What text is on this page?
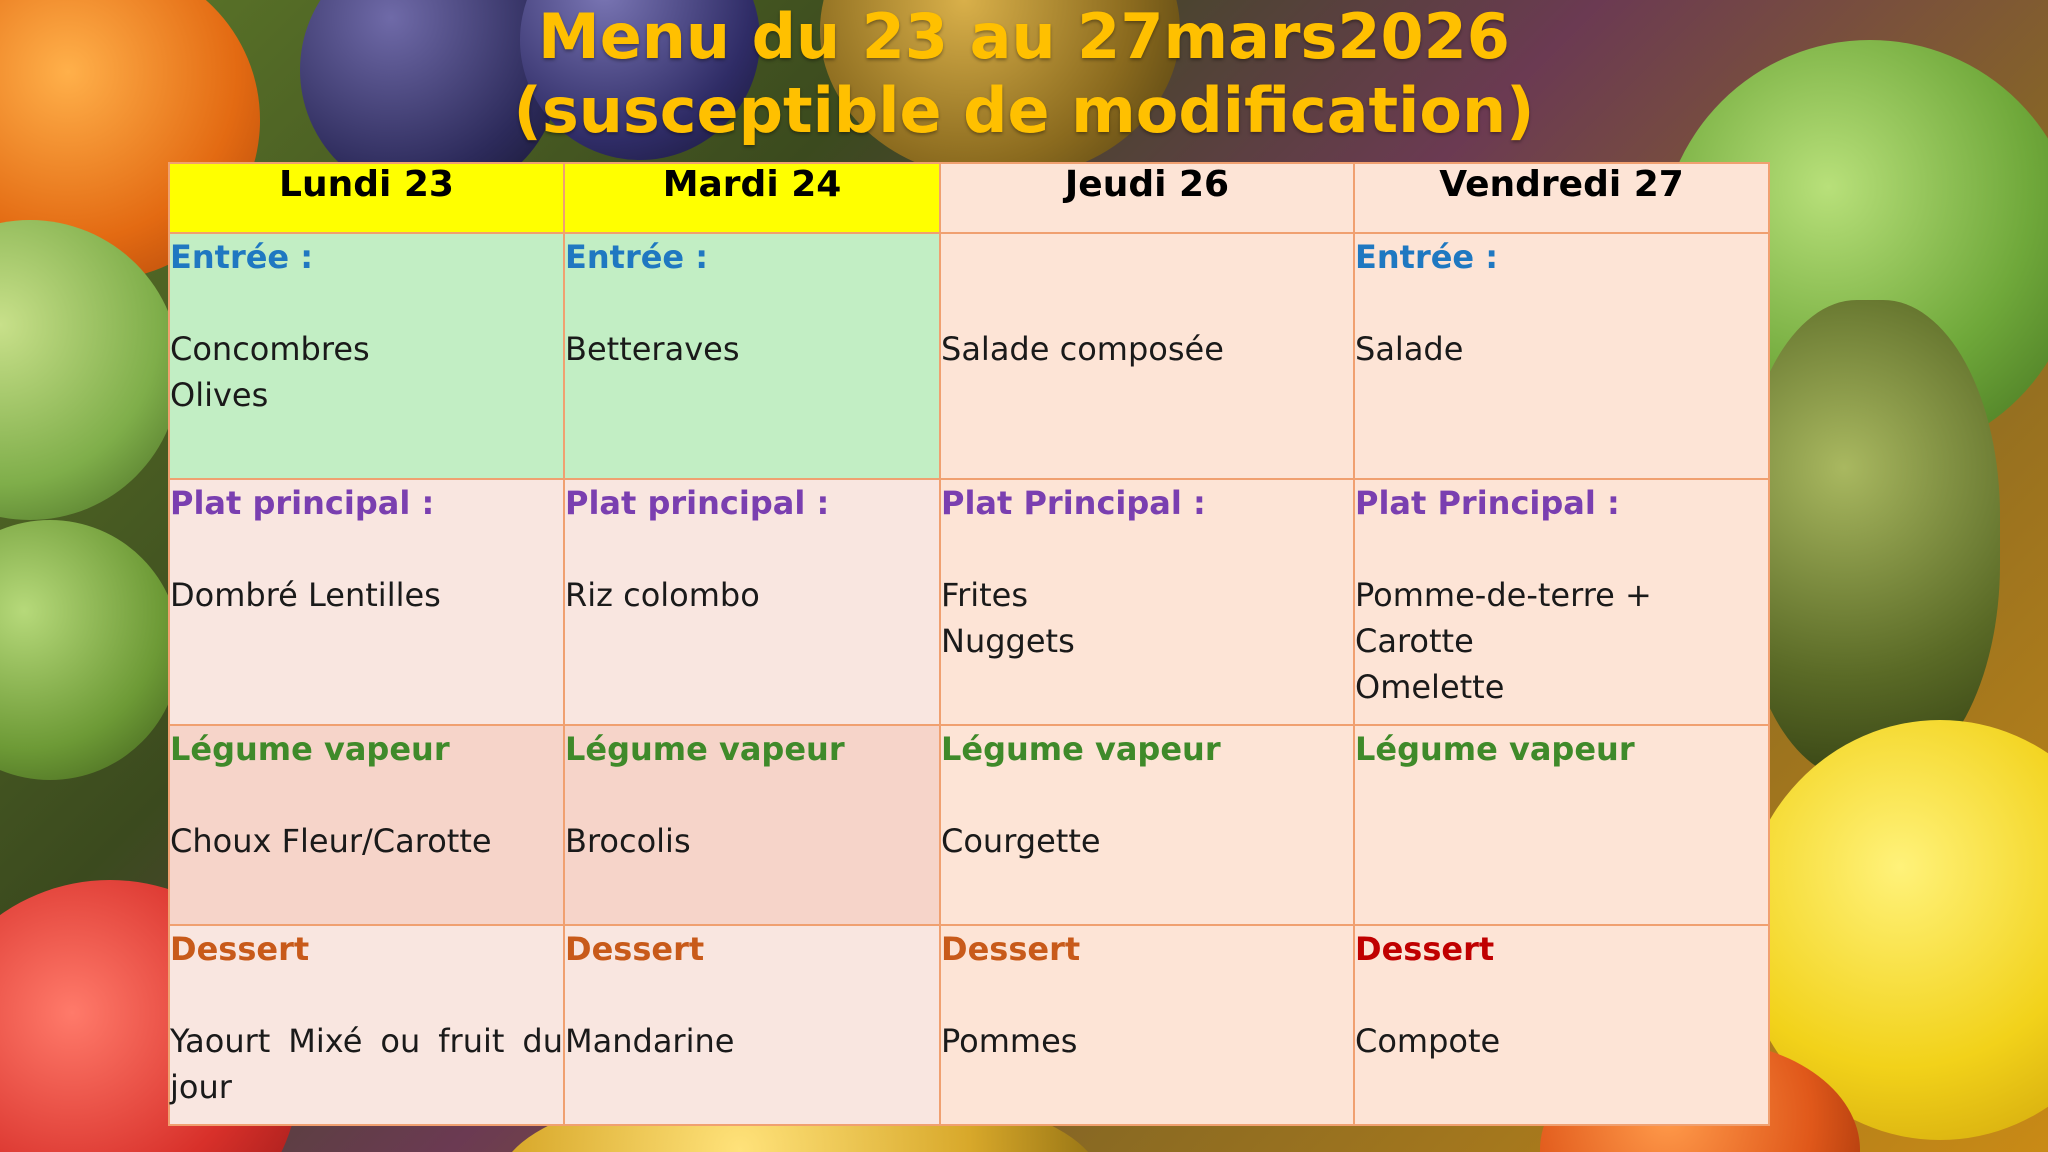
Menu du 23 au 27mars2026
(susceptible de modification)
Lundi 23	Mardi 24	Jeudi 26	Vendredi 27

Entrée :
Concombres
Olives	Entrée :
Betteraves	Salade composée	Entrée :
Salade

Plat principal :
Dombré Lentilles	Plat principal :
Riz colombo	Plat Principal :
Frites
Nuggets	Plat Principal :
Pomme-de-terre +
Carotte
Omelette

Légume vapeur
Choux Fleur/Carotte	Légume vapeur
Brocolis	Légume vapeur
Courgette	Légume vapeur

Dessert
Yaourt Mixé ou fruit du jour	Dessert
Mandarine	Dessert
Pommes	Dessert
Compote
